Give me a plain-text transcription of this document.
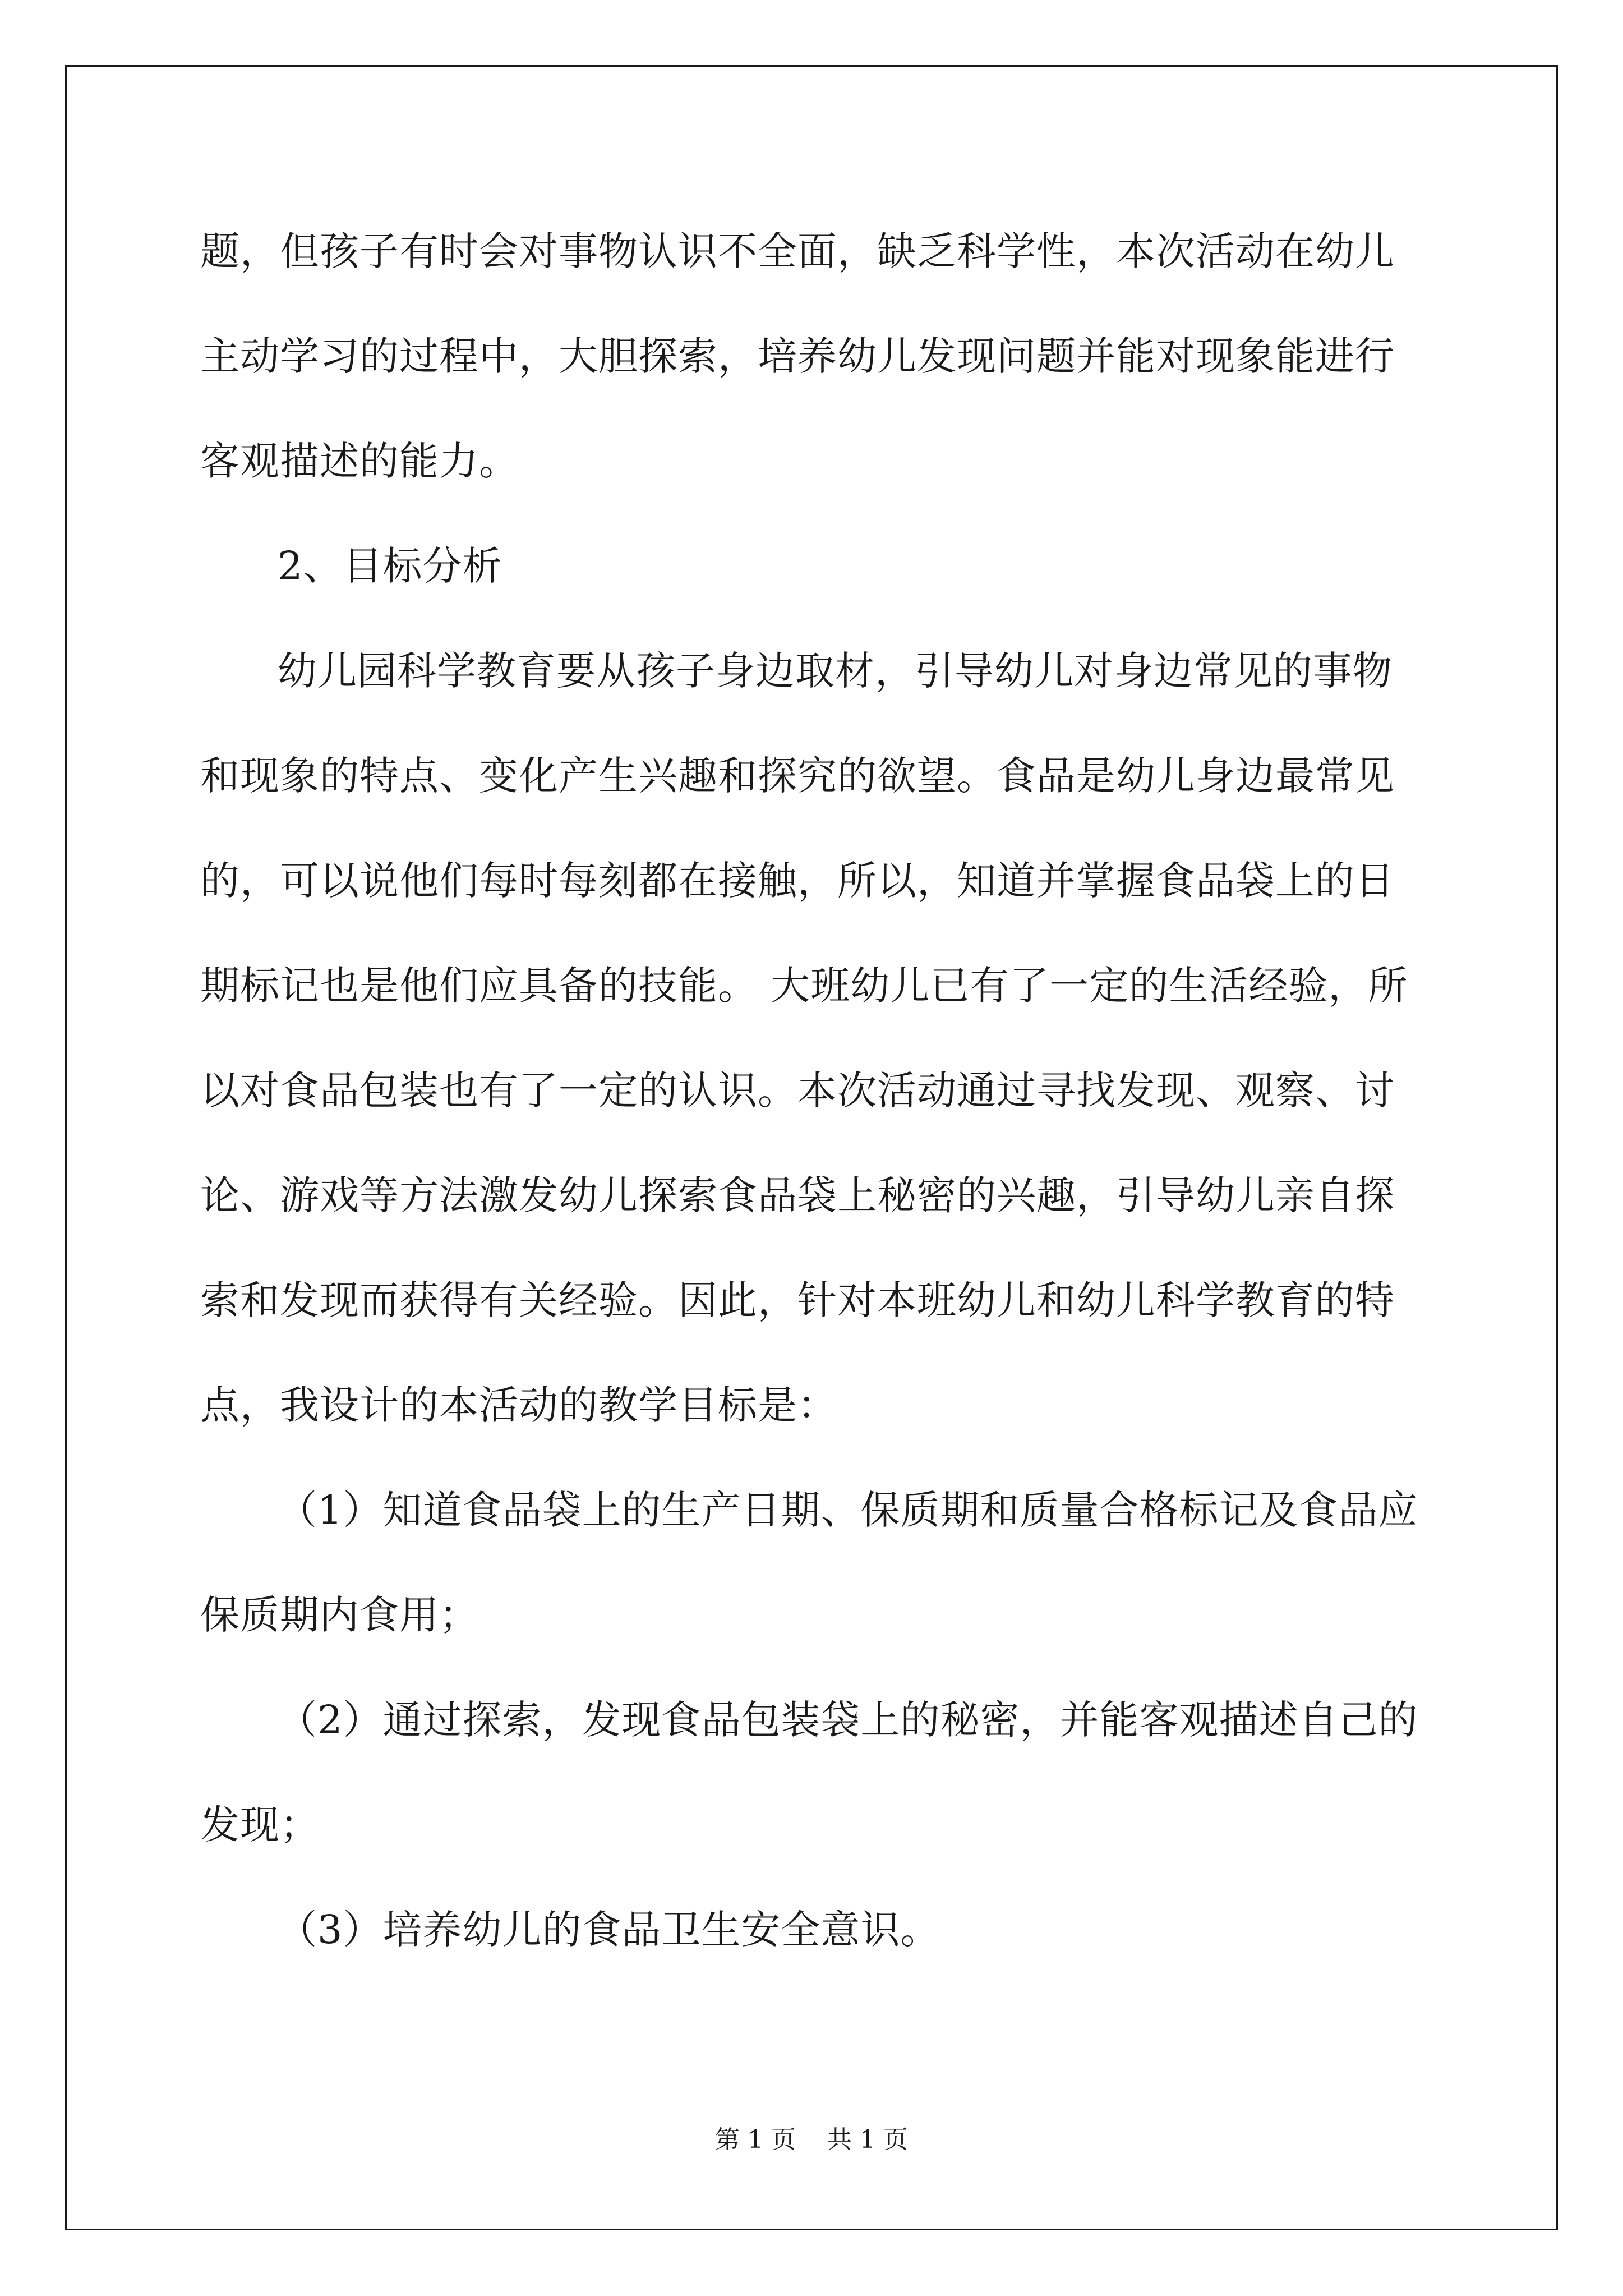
题，但孩子有时会对事物认识不全面，缺乏科学性，本次活动在幼儿
主动学习的过程中，大胆探索，培养幼儿发现问题并能对现象能进行
客观描述的能力。
2、目标分析
幼儿园科学教育要从孩子身边取材，引导幼儿对身边常见的事物
和现象的特点、变化产生兴趣和探究的欲望。食品是幼儿身边最常见
的，可以说他们每时每刻都在接触，所以，知道并掌握食品袋上的日
期标记也是他们应具备的技能。 大班幼儿已有了一定的生活经验，所
以对食品包装也有了一定的认识。本次活动通过寻找发现、观察、讨
论、游戏等方法激发幼儿探索食品袋上秘密的兴趣，引导幼儿亲自探
索和发现而获得有关经验。因此，针对本班幼儿和幼儿科学教育的特
点，我设计的本活动的教学目标是：
（1）知道食品袋上的生产日期、保质期和质量合格标记及食品应
保质期内食用；
（2）通过探索，发现食品包装袋上的秘密，并能客观描述自己的
发现；
（3）培养幼儿的食品卫生安全意识。
第 1 页    共 1 页
